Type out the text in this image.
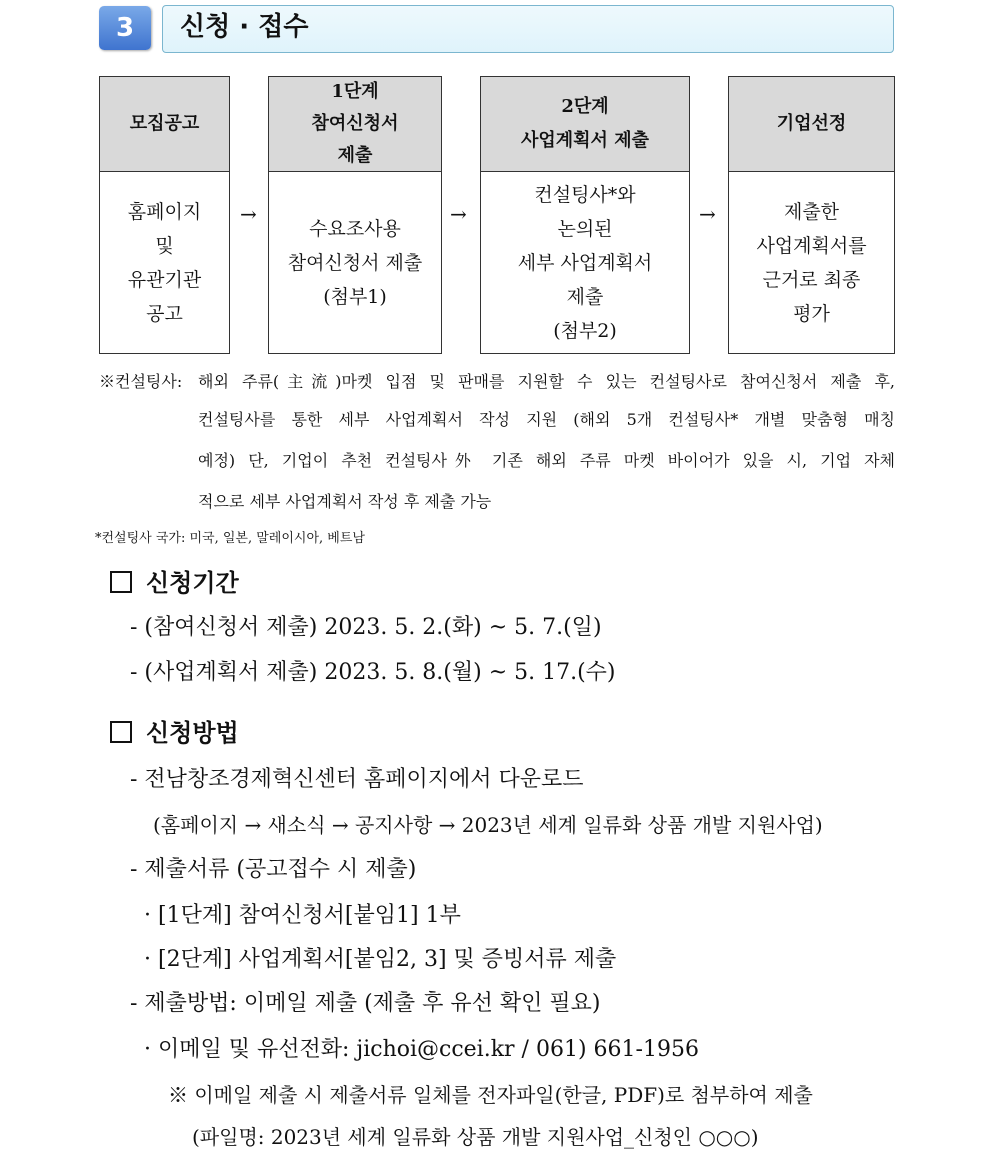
3	신청 · 접수
모집공고
홈페이지
및
유관기관
공고
→
1단계
참여신청서
제출
수요조사용
참여신청서 제출
(첨부1)
→
2단계
사업계획서 제출
컨설팅사*와
논의된
세부 사업계획서
제출
(첨부2)
→
기업선정
제출한
사업계획서를
근거로 최종
평가
※컨설팅사: 해외 주류(主流)마켓 입점 및 판매를 지원할 수 있는 컨설팅사로 참여신청서 제출 후,
컨설팅사를 통한 세부 사업계획서 작성 지원 (해외 5개 컨설팅사* 개별 맞춤형 매칭
예정) 단, 기업이 추천 컨설팅사外 기존 해외 주류 마켓 바이어가 있을 시, 기업 자체
적으로 세부 사업계획서 작성 후 제출 가능
*컨설팅사 국가: 미국, 일본, 말레이시아, 베트남
신청기간
- (참여신청서 제출) 2023. 5. 2.(화) ~ 5. 7.(일)
- (사업계획서 제출) 2023. 5. 8.(월) ~ 5. 17.(수)
신청방법
- 전남창조경제혁신센터 홈페이지에서 다운로드
(홈페이지 → 새소식 → 공지사항 → 2023년 세계 일류화 상품 개발 지원사업)
- 제출서류 (공고접수 시 제출)
· [1단계] 참여신청서[붙임1] 1부
· [2단계] 사업계획서[붙임2, 3] 및 증빙서류 제출
- 제출방법: 이메일 제출 (제출 후 유선 확인 필요)
· 이메일 및 유선전화: jichoi@ccei.kr / 061) 661-1956
※ 이메일 제출 시 제출서류 일체를 전자파일(한글, PDF)로 첨부하여 제출
(파일명: 2023년 세계 일류화 상품 개발 지원사업_신청인 ○○○)
